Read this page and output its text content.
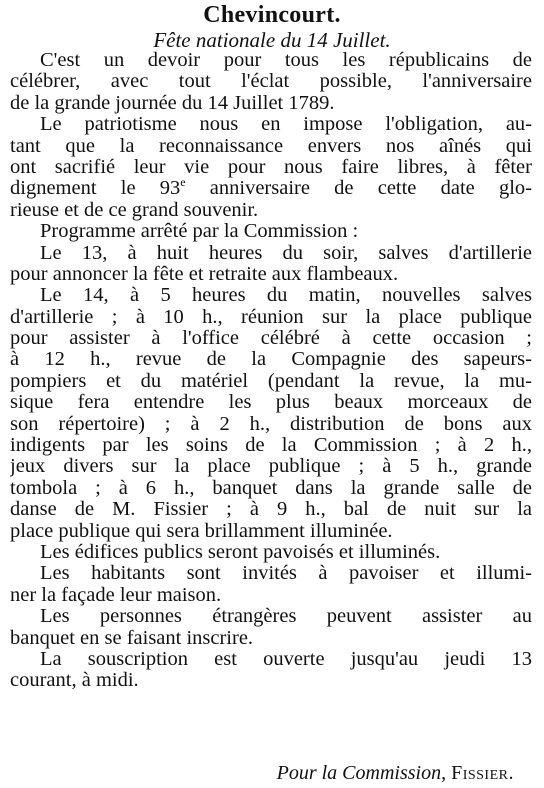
Chevincourt.
Fête nationale du 14 Juillet.
C'est un devoir pour tous les républicains de
célébrer, avec tout l'éclat possible, l'anniversaire
de la grande journée du 14 Juillet 1789.
Le patriotisme nous en impose l'obligation, au-
tant que la reconnaissance envers nos aînés qui
ont sacrifié leur vie pour nous faire libres, à fêter
dignement le 93e anniversaire de cette date glo-
rieuse et de ce grand souvenir.
Programme arrêté par la Commission :
Le 13, à huit heures du soir, salves d'artillerie
pour annoncer la fête et retraite aux flambeaux.
Le 14, à 5 heures du matin, nouvelles salves
d'artillerie ; à 10 h., réunion sur la place publique
pour assister à l'office célébré à cette occasion ;
à 12 h., revue de la Compagnie des sapeurs-
pompiers et du matériel (pendant la revue, la mu-
sique fera entendre les plus beaux morceaux de
son répertoire) ; à 2 h., distribution de bons aux
indigents par les soins de la Commission ; à 2 h.,
jeux divers sur la place publique ; à 5 h., grande
tombola ; à 6 h., banquet dans la grande salle de
danse de M. Fissier ; à 9 h., bal de nuit sur la
place publique qui sera brillamment illuminée.
Les édifices publics seront pavoisés et illuminés.
Les habitants sont invités à pavoiser et illumi-
ner la façade leur maison.
Les personnes étrangères peuvent assister au
banquet en se faisant inscrire.
La souscription est ouverte jusqu'au jeudi 13
courant, à midi.
Pour la Commission, Fissier.
